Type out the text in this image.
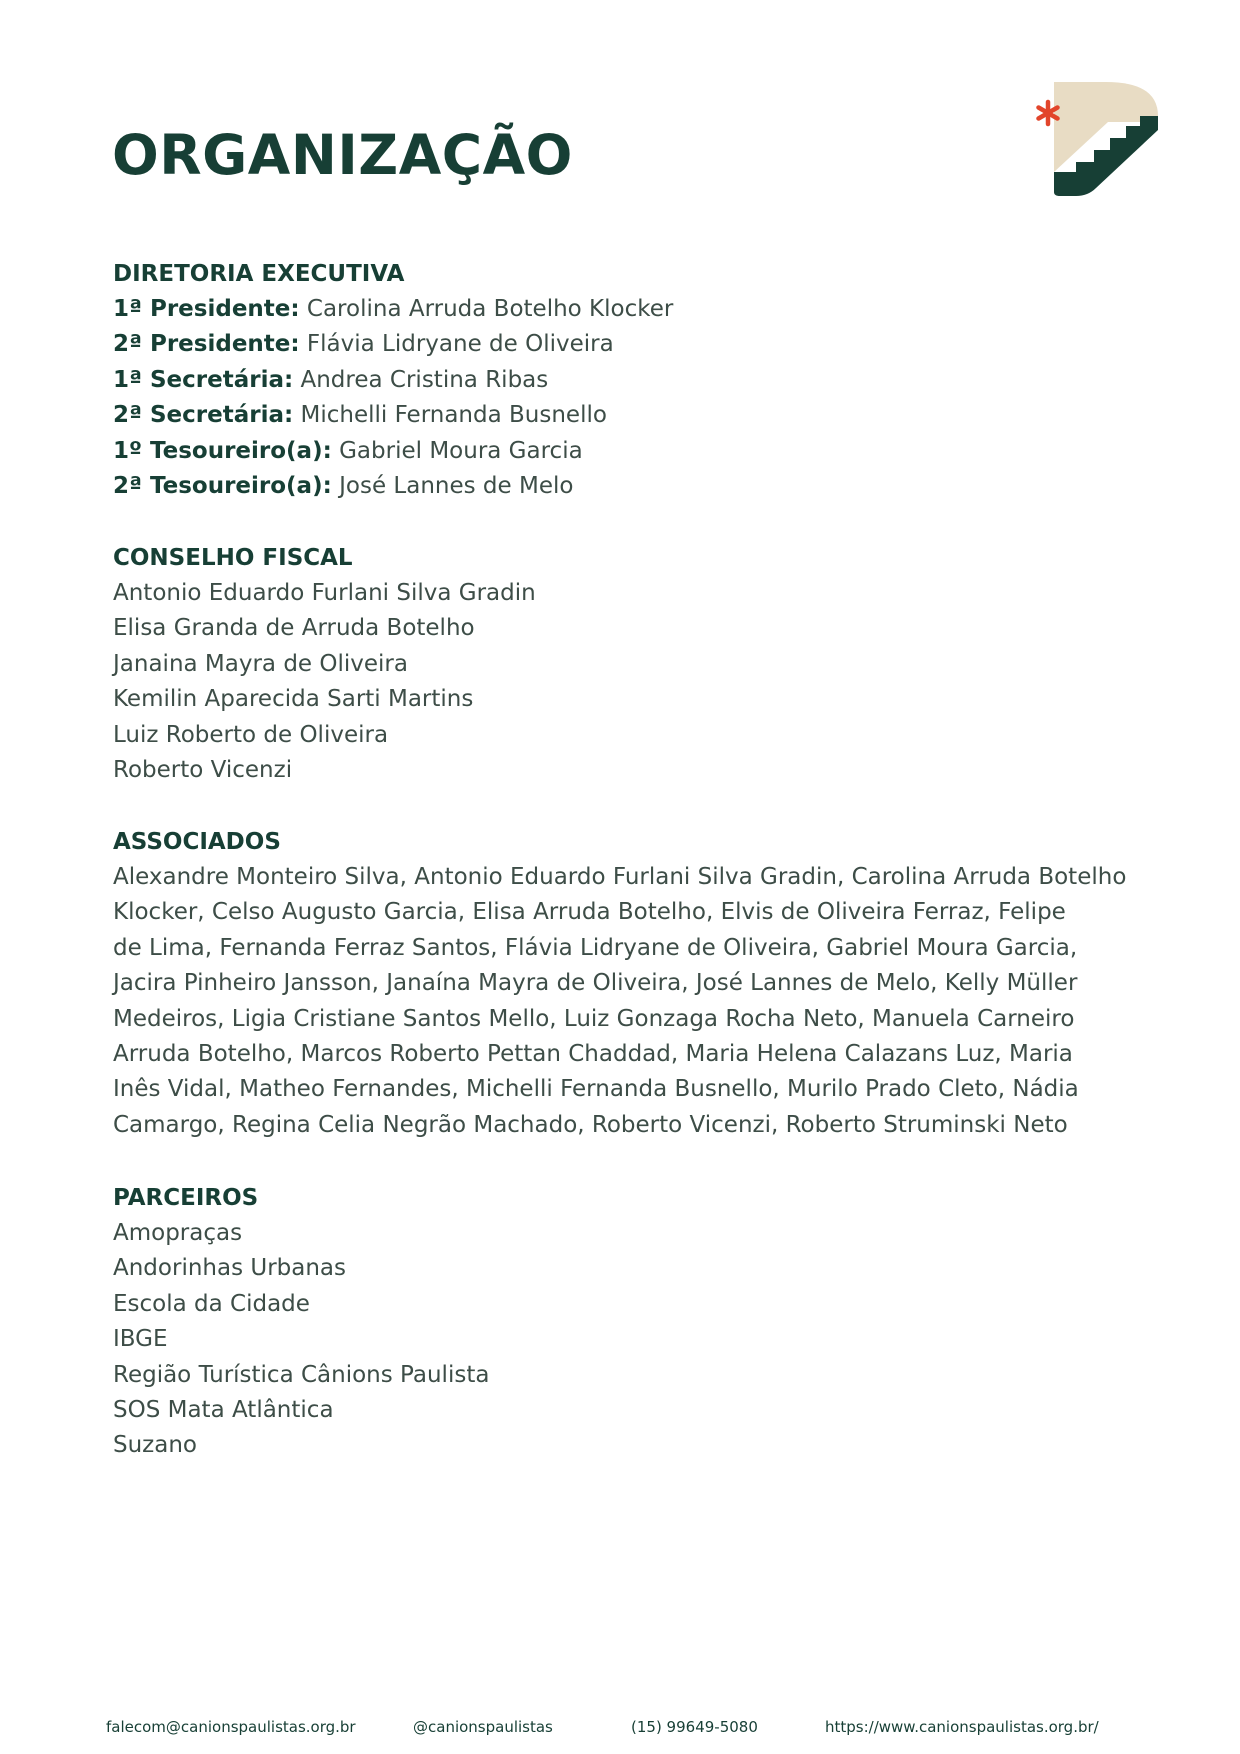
ORGANIZAÇÃO
DIRETORIA EXECUTIVA
1ª Presidente: Carolina Arruda Botelho Klocker
2ª Presidente: Flávia Lidryane de Oliveira
1ª Secretária: Andrea Cristina Ribas
2ª Secretária: Michelli Fernanda Busnello
1º Tesoureiro(a): Gabriel Moura Garcia
2ª Tesoureiro(a): José Lannes de Melo
CONSELHO FISCAL
Antonio Eduardo Furlani Silva Gradin
Elisa Granda de Arruda Botelho
Janaina Mayra de Oliveira
Kemilin Aparecida Sarti Martins
Luiz Roberto de Oliveira
Roberto Vicenzi
ASSOCIADOS
Alexandre Monteiro Silva, Antonio Eduardo Furlani Silva Gradin, Carolina Arruda Botelho
Klocker, Celso Augusto Garcia, Elisa Arruda Botelho, Elvis de Oliveira Ferraz, Felipe
de Lima, Fernanda Ferraz Santos, Flávia Lidryane de Oliveira, Gabriel Moura Garcia,
Jacira Pinheiro Jansson, Janaína Mayra de Oliveira, José Lannes de Melo, Kelly Müller
Medeiros, Ligia Cristiane Santos Mello, Luiz Gonzaga Rocha Neto, Manuela Carneiro
Arruda Botelho, Marcos Roberto Pettan Chaddad, Maria Helena Calazans Luz, Maria
Inês Vidal, Matheo Fernandes, Michelli Fernanda Busnello, Murilo Prado Cleto, Nádia
Camargo, Regina Celia Negrão Machado, Roberto Vicenzi, Roberto Struminski Neto
PARCEIROS
Amopraças
Andorinhas Urbanas
Escola da Cidade
IBGE
Região Turística Cânions Paulista
SOS Mata Atlântica
Suzano
falecom@canionspaulistas.org.br	@canionspaulistas	(15) 99649-5080	https://www.canionspaulistas.org.br/
